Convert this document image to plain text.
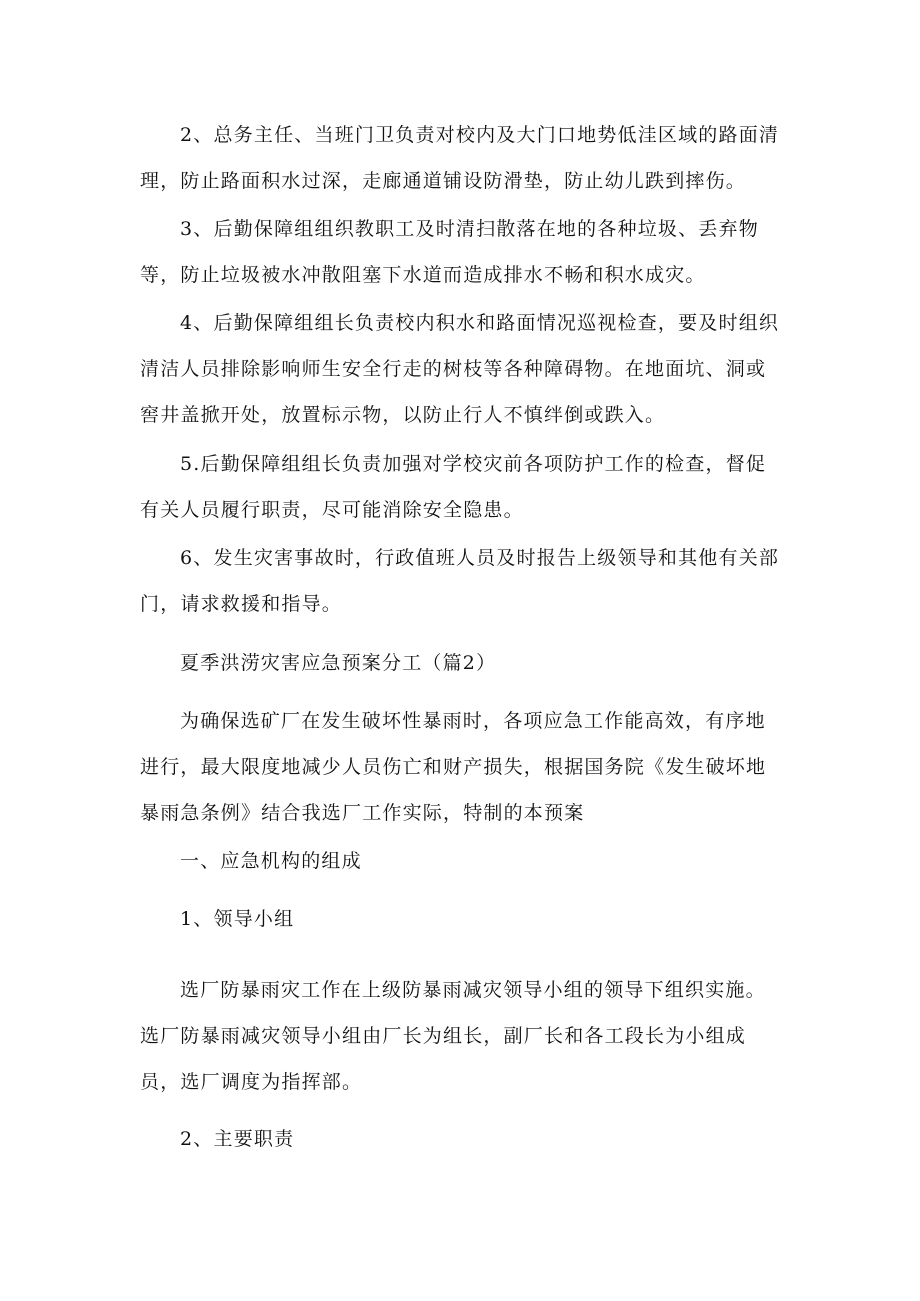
2、总务主任、当班门卫负责对校内及大门口地势低洼区域的路面清理，防止路面积水过深，走廊通道铺设防滑垫，防止幼儿跌到摔伤。

3、后勤保障组组织教职工及时清扫散落在地的各种垃圾、丢弃物等，防止垃圾被水冲散阻塞下水道而造成排水不畅和积水成灾。

4、后勤保障组组长负责校内积水和路面情况巡视检查，要及时组织清洁人员排除影响师生安全行走的树枝等各种障碍物。在地面坑、洞或窖井盖掀开处，放置标示物，以防止行人不慎绊倒或跌入。

5.后勤保障组组长负责加强对学校灾前各项防护工作的检查，督促有关人员履行职责，尽可能消除安全隐患。

6、发生灾害事故时，行政值班人员及时报告上级领导和其他有关部门，请求救援和指导。

夏季洪涝灾害应急预案分工（篇2）

为确保选矿厂在发生破坏性暴雨时，各项应急工作能高效，有序地进行，最大限度地减少人员伤亡和财产损失，根据国务院《发生破坏地暴雨急条例》结合我选厂工作实际，特制的本预案

一、应急机构的组成

1、领导小组

选厂防暴雨灾工作在上级防暴雨减灾领导小组的领导下组织实施。选厂防暴雨减灾领导小组由厂长为组长，副厂长和各工段长为小组成员，选厂调度为指挥部。

2、主要职责
